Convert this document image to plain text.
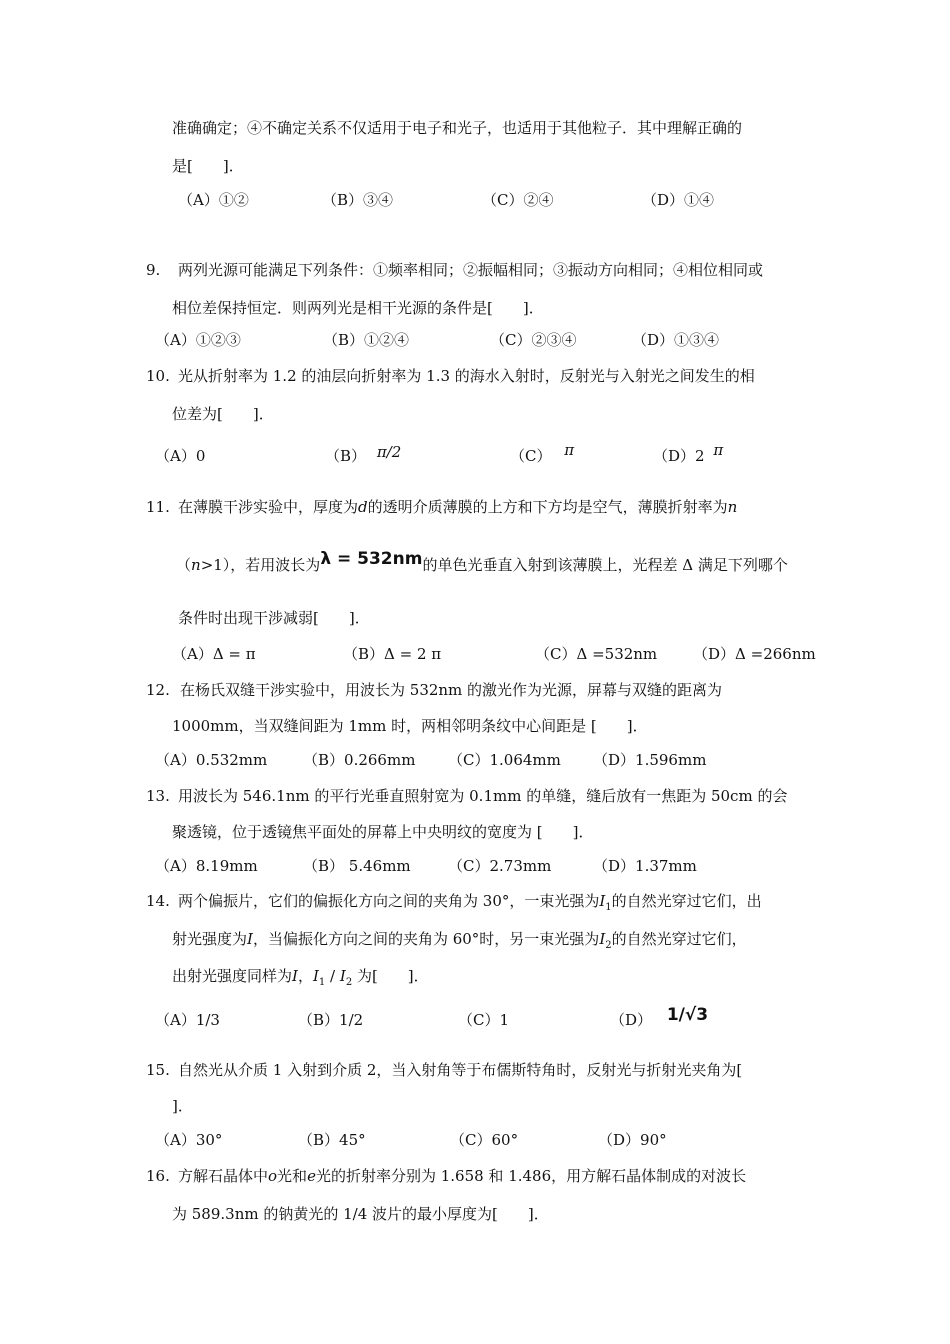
准确确定；④不确定关系不仅适用于电子和光子，也适用于其他粒子．其中理解正确的
是[　　]．
（A）①②	（B）③④	（C）②④	（D）①④
9. 两列光源可能满足下列条件：①频率相同；②振幅相同；③振动方向相同；④相位相同或
相位差保持恒定．则两列光是相干光源的条件是[　　]．
（A）①②③	（B）①②④	（C）②③④	（D）①③④
10. 光从折射率为 1.2 的油层向折射率为 1.3 的海水入射时，反射光与入射光之间发生的相
位差为[　　]．
（A）0	（B） π/2	（C） π	（D）2 π
11. 在薄膜干涉实验中，厚度为d的透明介质薄膜的上方和下方均是空气，薄膜折射率为n
（n>1），若用波长为λ = 532nm的单色光垂直入射到该薄膜上，光程差 Δ 满足下列哪个
条件时出现干涉减弱[　　]．
（A）Δ = π	（B）Δ = 2 π	（C）Δ =532nm （D）Δ =266nm
12. 在杨氏双缝干涉实验中，用波长为 532nm 的激光作为光源，屏幕与双缝的距离为
1000mm，当双缝间距为 1mm 时，两相邻明条纹中心间距是 [　　]．
（A）0.532mm （B）0.266mm （C）1.064mm （D）1.596mm
13. 用波长为 546.1nm 的平行光垂直照射宽为 0.1mm 的单缝，缝后放有一焦距为 50cm 的会
聚透镜，位于透镜焦平面处的屏幕上中央明纹的宽度为 [　　]．
（A）8.19mm	（B） 5.46mm （C）2.73mm	（D）1.37mm
14. 两个偏振片，它们的偏振化方向之间的夹角为 30°，一束光强为$I_1$的自然光穿过它们，出
射光强度为I，当偏振化方向之间的夹角为 60°时，另一束光强为$I_2$的自然光穿过它们，
出射光强度同样为I，$I_1 / I_2$ 为[　　]．
（A）1/3	（B）1/2	（C）1	（D） 1/√3
15. 自然光从介质 1 入射到介质 2，当入射角等于布儒斯特角时，反射光与折射光夹角为[
]．
（A）30°	（B）45°	（C）60°	（D）90°
16. 方解石晶体中o光和e光的折射率分别为 1.658 和 1.486，用方解石晶体制成的对波长
为 589.3nm 的钠黄光的 1/4 波片的最小厚度为[　　]．
